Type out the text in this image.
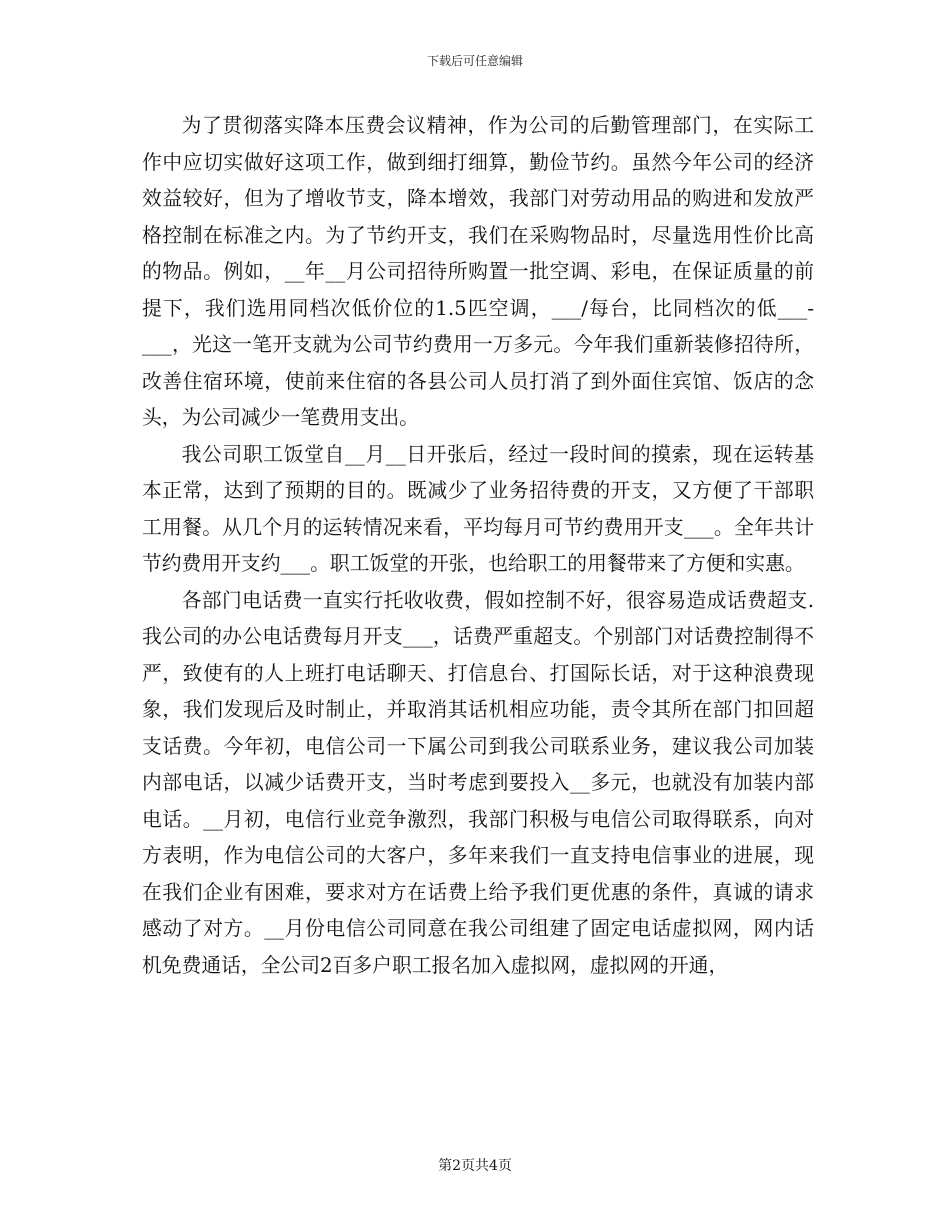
下载后可任意编辑

为了贯彻落实降本压费会议精神，作为公司的后勤管理部门，在实际工作中应切实做好这项工作，做到细打细算，勤俭节约。虽然今年公司的经济效益较好，但为了增收节支，降本增效，我部门对劳动用品的购进和发放严格控制在标准之内。为了节约开支，我们在采购物品时，尽量选用性价比高的物品。例如，__年__月公司招待所购置一批空调、彩电，在保证质量的前提下，我们选用同档次低价位的1.5匹空调，___/每台，比同档次的低___-___，光这一笔开支就为公司节约费用一万多元。今年我们重新装修招待所，改善住宿环境，使前来住宿的各县公司人员打消了到外面住宾馆、饭店的念头，为公司减少一笔费用支出。

我公司职工饭堂自__月__日开张后，经过一段时间的摸索，现在运转基本正常，达到了预期的目的。既减少了业务招待费的开支，又方便了干部职工用餐。从几个月的运转情况来看，平均每月可节约费用开支___。全年共计节约费用开支约___。职工饭堂的开张，也给职工的用餐带来了方便和实惠。

各部门电话费一直实行托收收费，假如控制不好，很容易造成话费超支.我公司的办公电话费每月开支___，话费严重超支。个别部门对话费控制得不严，致使有的人上班打电话聊天、打信息台、打国际长话，对于这种浪费现象，我们发现后及时制止，并取消其话机相应功能，责令其所在部门扣回超支话费。今年初，电信公司一下属公司到我公司联系业务，建议我公司加装内部电话，以减少话费开支，当时考虑到要投入__多元，也就没有加装内部电话。__月初，电信行业竞争激烈，我部门积极与电信公司取得联系，向对方表明，作为电信公司的大客户，多年来我们一直支持电信事业的进展，现在我们企业有困难，要求对方在话费上给予我们更优惠的条件，真诚的请求感动了对方。__月份电信公司同意在我公司组建了固定电话虚拟网，网内话机免费通话，全公司2百多户职工报名加入虚拟网，虚拟网的开通，

第2页共4页
